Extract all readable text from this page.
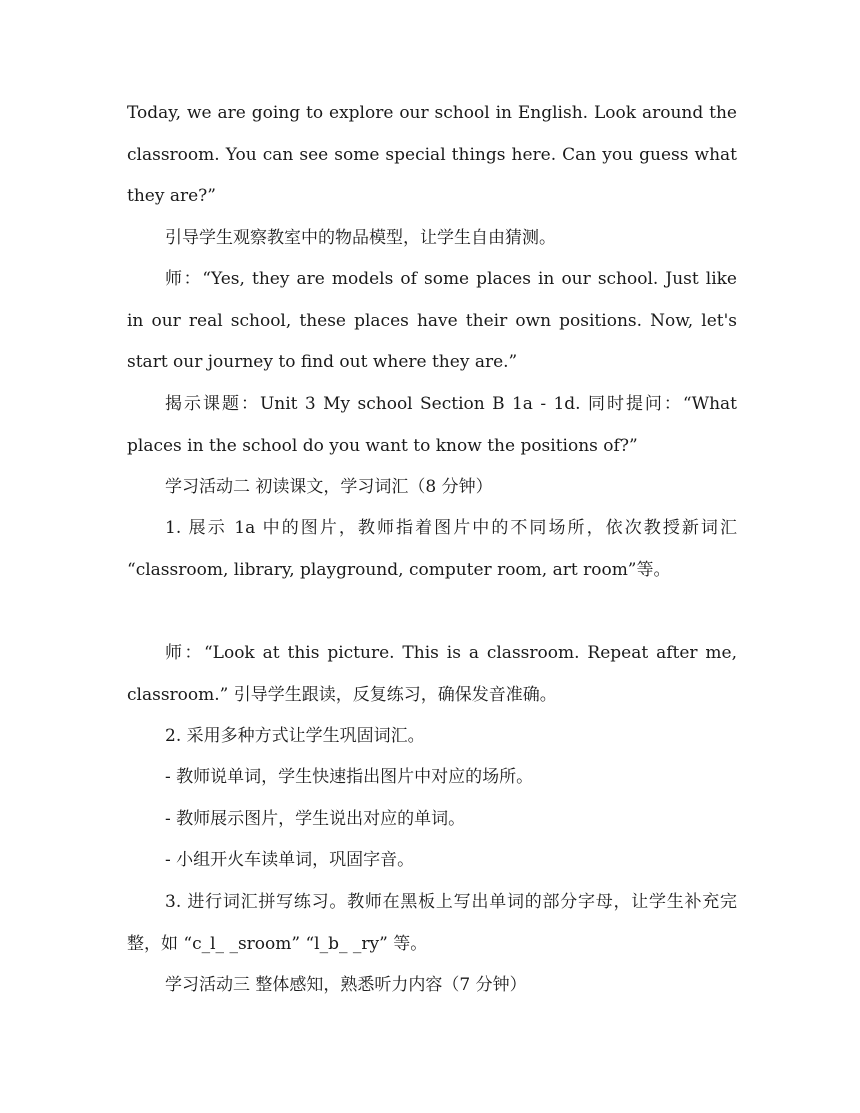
Today, we are going to explore our school in English. Look around the classroom. You can see some special things here. Can you guess what they are?”

引导学生观察教室中的物品模型，让学生自由猜测。

师：“Yes, they are models of some places in our school. Just like in our real school, these places have their own positions. Now, let's start our journey to find out where they are.”

揭示课题：Unit 3 My school Section B 1a - 1d. 同时提问：“What places in the school do you want to know the positions of?”

学习活动二 初读课文，学习词汇（8 分钟）

1. 展示 1a 中的图片，教师指着图片中的不同场所，依次教授新词汇 “classroom, library, playground, computer room, art room”等。

师：“Look at this picture. This is a classroom. Repeat after me, classroom.” 引导学生跟读，反复练习，确保发音准确。

2. 采用多种方式让学生巩固词汇。

- 教师说单词，学生快速指出图片中对应的场所。

- 教师展示图片，学生说出对应的单词。

- 小组开火车读单词，巩固字音。

3. 进行词汇拼写练习。教师在黑板上写出单词的部分字母，让学生补充完整，如 “c_l_ _sroom” “l_b_ _ry” 等。

学习活动三 整体感知，熟悉听力内容（7 分钟）
